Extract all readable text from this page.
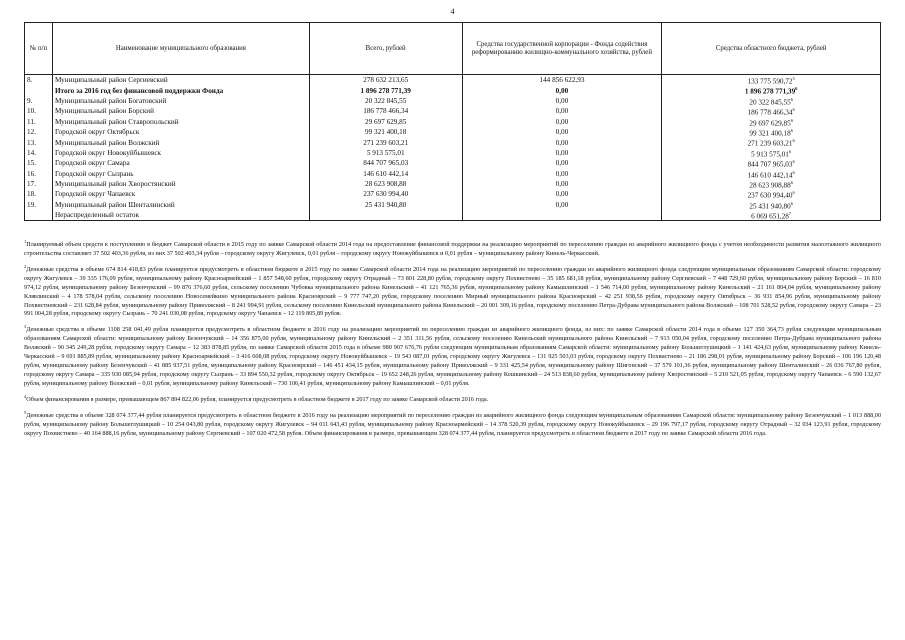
4
№ п/п	Наименование муниципального образования	Всего, рублей	Средства государственной корпорации - Фонда содействия реформированию жилищно-коммунального хозяйства, рублей	Средства областного бюджета, рублей
8.	Муниципальный район Сергиевский	278 632 213,65	144 856 622,93	133 775 590,72$^5$
	Итого за 2016 год без финансовой поддержки Фонда	1 896 278 771,39	0,00	1 896 278 771,39$^6$
9.	Муниципальный район Богатовский	20 322 845,55	0,00	20 322 845,55$^6$
10.	Муниципальный район Борский	186 778 466,34	0,00	186 778 466,34$^6$
11.	Муниципальный район Ставропольский	29 697 629,85	0,00	29 697 629,85$^6$
12.	Городской округ Октябрьск	99 321 400,18	0,00	99 321 400,18$^6$
13.	Муниципальный район Волжский	271 239 603,21	0,00	271 239 603,21$^6$
14.	Городской округ Новокуйбышевск	5 913 575,01	0,00	5 913 575,01$^6$
15.	Городской округ Самара	844 707 965,03	0,00	844 707 965,03$^6$
16.	Городской округ Сызрань	146 610 442,14	0,00	146 610 442,14$^6$
17.	Муниципальный район Хворостянский	28 623 908,88	0,00	28 623 908,88$^6$
18.	Городской округ Чапаевск	237 630 994,40	0,00	237 630 994,40$^6$
19.	Муниципальный район Шенталинский	25 431 940,80	0,00	25 431 940,80$^6$
	Нераспределенный остаток			6 069 651,28$^7$

$^1$Планируемый объем средств к поступлению в бюджет Самарской области в 2015 году по заявке Самарской области 2014 года на предоставление финансовой поддержки на реализацию мероприятий по переселению граждан из аварийного жилищного фонда с учетом необходимости развития малоэтажного жилищного строительства составляет 37 502 403,36 рубля, из них 37 502 403,34 рубля – городскому округу Жигулевск, 0,01 рубля – городскому округу Новокуйбышевск и 0,01 рубля – муниципальному району Кинель-Черкасский.

$^2$Денежные средства в объеме 674 814 418,83 рубля планируется предусмотреть в областном бюджете в 2015 году по заявке Самарской области 2014 года на реализацию мероприятий по переселению граждан из аварийного жилищного фонда следующим муниципальным образованиям Самарской области: городскому округу Жигулевск – 39 335 176,09 рубля, муниципальному району Красноармейский – 1 857 548,60 рубля, городскому округу Отрадный – 73 801 228,80 рубля, городскому округу Похвистнево – 35 185 681,18 рубля, муниципальному району Сергиевский – 7 448 729,60 рубля, муниципальному району Борский – 16 810 974,12 рубля, муниципальному району Безенчукский – 99 876 376,60 рубля, сельскому поселению Чубовка муниципального района Кинельский – 41 121 765,36 рубля, муниципальному району Камышлинский – 1 546 714,00 рубля, муниципальному району Кинельский – 21 161 804,04 рубля, муниципальному району Клявлинский – 4 178 578,04 рубля, сельскому поселению Новосемейкино муниципального района Красноярский – 9 777 747,20 рубля, городскому поселению Мирный муниципального района Красноярский – 42 251 938,56 рубля, городскому округу Октябрьск – 36 931 854,96 рубля, муниципальному району Похвистневский – 231 628,84 рубля, муниципальному району Приволжский – 8 241 994,91 рубля, сельскому поселению Кинельский муниципального района Кинельский – 20 001 309,16 рубля, городскому поселению Петра-Дубрава муниципального района Волжский – 108 701 528,52 рубля, городскому округу Самара – 23 991 004,28 рубля, городскому округу Сызрань – 70 241 030,08 рубля, городскому округу Чапаевск – 12 119 805,89 рубля.

$^3$Денежные средства в объеме 1108 258 041,49 рубля планируется предусмотреть в областном бюджете в 2016 году на реализацию мероприятий по переселению граждан из аварийного жилищного фонда, из них: по заявке Самарской области 2014 года в объеме 127 350 364,73 рубля следующим муниципальным образованиям Самарской области: муниципальному району Безенчукский – 14 356 875,00 рубля, муниципальному району Кинельский – 2 351 311,56 рубля, сельскому поселению Кинельский муниципального района Кинельский – 7 913 050,04 рубля, городскому поселению Петра-Дубрава муниципального района Волжский – 90 345 249,28 рубля, городскому округу Самара – 12 383 878,85 рубля, по заявке Самарской области 2015 года в объеме 980 907 676,76 рубля следующим муниципальным образованиям Самарской области: муниципальному району Большеглушицкий – 1 141 424,63 рубля, муниципальному району Кинель-Черкасский – 9 691 885,89 рубля, муниципальному району Красноармейский – 3 416 608,08 рубля, городскому округу Новокуйбышевск – 19 543 087,01 рубля, городскому округу Жигулевск – 131 925 503,03 рубля, городскому округу Похвистнево – 21 186 298,01 рубля, муниципальному району Борский – 106 196 120,48 рубля, муниципальному району Безенчукский – 41 885 937,51 рубля, муниципальному району Красноярский – 146 451 434,15 рубля, муниципальному району Приволжский – 9 331 425,54 рубля, муниципальному району Шигонский – 37 579 101,36 рубля, муниципальному району Шенталинский – 26 036 767,80 рубля, городскому округу Самара – 335 930 085,94 рубля, городскому округу Сызрань – 33 894 550,32 рубля, городскому округу Октябрьск – 19 652 248,26 рубля, муниципальному району Кошкинский – 24 513 838,60 рубля, муниципальному району Хворостянский – 5 210 521,05 рубля, городскому округу Чапаевск – 6 590 132,67 рубля, муниципальному району Волжский – 0,01 рубля, муниципальному району Кинельский – 730 106,41 рубля, муниципальному району Камышлинский – 0,01 рубля.

$^4$Объем финансирования в размере, превышающем 867 894 822,06 рубля, планируется предусмотреть в областном бюджете в 2017 году по заявке Самарской области 2016 года.

$^5$Денежные средства в объеме 328 074 377,44 рубля планируется предусмотреть в областном бюджете в 2016 году на реализацию мероприятий по переселению граждан из аварийного жилищного фонда следующим муниципальным образованиям Самарской области: муниципальному району Безенчукский – 1 013 888,00 рубля, муниципальному району Большеглушицкий – 10 254 043,80 рубля, городскому округу Жигулевск – 94 011 643,43 рубля, муниципальному району Красноармейский – 14 378 520,39 рубля, городскому округу Новокуйбышевск – 29 196 797,17 рубля, городскому округу Отрадный – 32 034 123,91 рубля, городскому округу Похвистнево – 40 164 888,16 рубля, муниципальному району Сергиевский – 107 020 472,58 рубля. Объем финансирования в размере, превышающем 328 074 377,44 рубля, планируется предусмотреть в областном бюджете в 2017 году по заявке Самарской области 2016 года.
